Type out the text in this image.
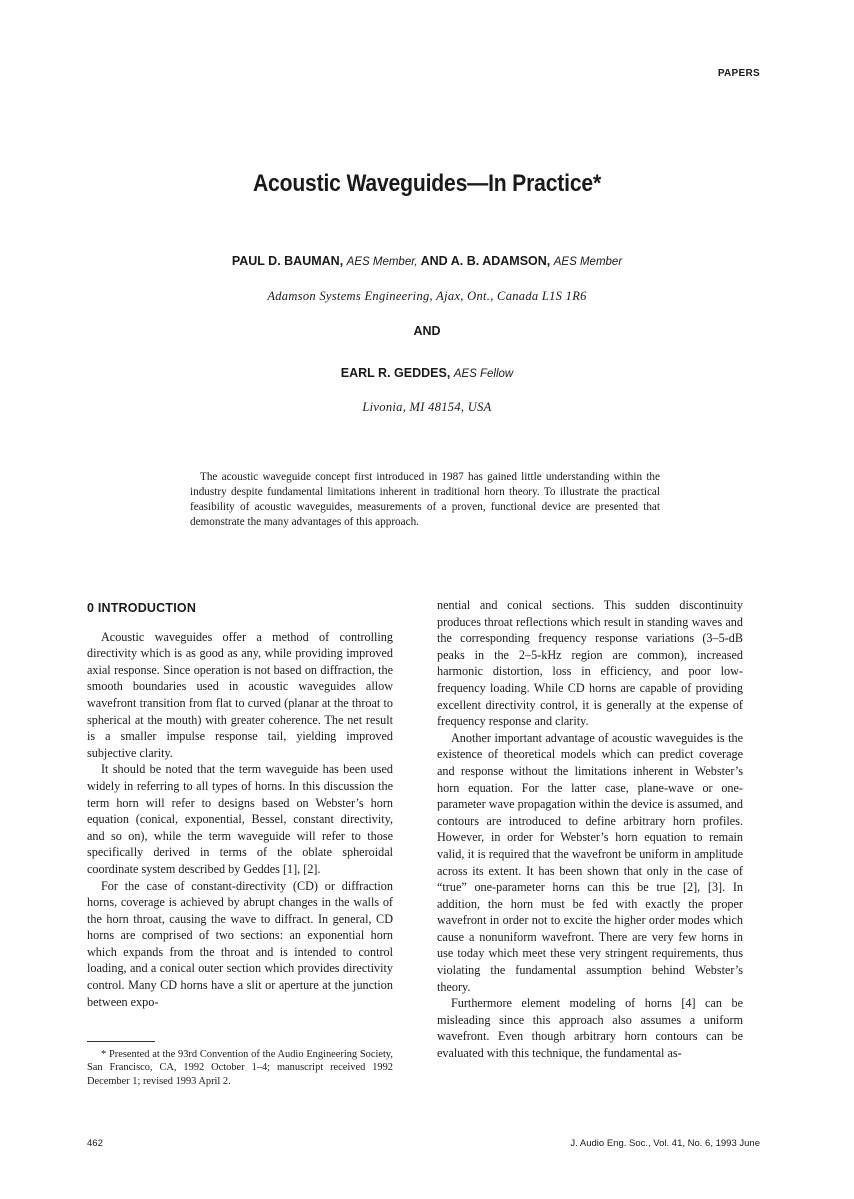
PAPERS
Acoustic Waveguides—In Practice*
PAUL D. BAUMAN, AES Member, AND A. B. ADAMSON, AES Member
Adamson Systems Engineering, Ajax, Ont., Canada L1S 1R6
AND
EARL R. GEDDES, AES Fellow
Livonia, MI 48154, USA

The acoustic waveguide concept first introduced in 1987 has gained little understanding within the industry despite fundamental limitations inherent in traditional horn theory. To illustrate the practical feasibility of acoustic waveguides, measurements of a proven, functional device are presented that demonstrate the many advantages of this approach.

0 INTRODUCTION

Acoustic waveguides offer a method of controlling directivity which is as good as any, while providing improved axial response. Since operation is not based on diffraction, the smooth boundaries used in acoustic waveguides allow wavefront transition from flat to curved (planar at the throat to spherical at the mouth) with greater coherence. The net result is a smaller impulse response tail, yielding improved subjective clarity.

It should be noted that the term waveguide has been used widely in referring to all types of horns. In this discussion the term horn will refer to designs based on Webster’s horn equation (conical, exponential, Bessel, constant directivity, and so on), while the term waveguide will refer to those specifically derived in terms of the oblate spheroidal coordinate system described by Geddes [1], [2].

For the case of constant-directivity (CD) or diffraction horns, coverage is achieved by abrupt changes in the walls of the horn throat, causing the wave to diffract. In general, CD horns are comprised of two sections: an exponential horn which expands from the throat and is intended to control loading, and a conical outer section which provides directivity control. Many CD horns have a slit or aperture at the junction between expo-

nential and conical sections. This sudden discontinuity produces throat reflections which result in standing waves and the corresponding frequency response variations (3–5-dB peaks in the 2–5-kHz region are common), increased harmonic distortion, loss in efficiency, and poor low-frequency loading. While CD horns are capable of providing excellent directivity control, it is generally at the expense of frequency response and clarity.

Another important advantage of acoustic waveguides is the existence of theoretical models which can predict coverage and response without the limitations inherent in Webster’s horn equation. For the latter case, plane-wave or one-parameter wave propagation within the device is assumed, and contours are introduced to define arbitrary horn profiles. However, in order for Webster’s horn equation to remain valid, it is required that the wavefront be uniform in amplitude across its extent. It has been shown that only in the case of “true” one-parameter horns can this be true [2], [3]. In addition, the horn must be fed with exactly the proper wavefront in order not to excite the higher order modes which cause a nonuniform wavefront. There are very few horns in use today which meet these very stringent requirements, thus violating the fundamental assumption behind Webster’s theory.

Furthermore element modeling of horns [4] can be misleading since this approach also assumes a uniform wavefront. Even though arbitrary horn contours can be evaluated with this technique, the fundamental as-

* Presented at the 93rd Convention of the Audio Engineering Society, San Francisco, CA, 1992 October 1–4; manuscript received 1992 December 1; revised 1993 April 2.

462	J. Audio Eng. Soc., Vol. 41, No. 6, 1993 June
